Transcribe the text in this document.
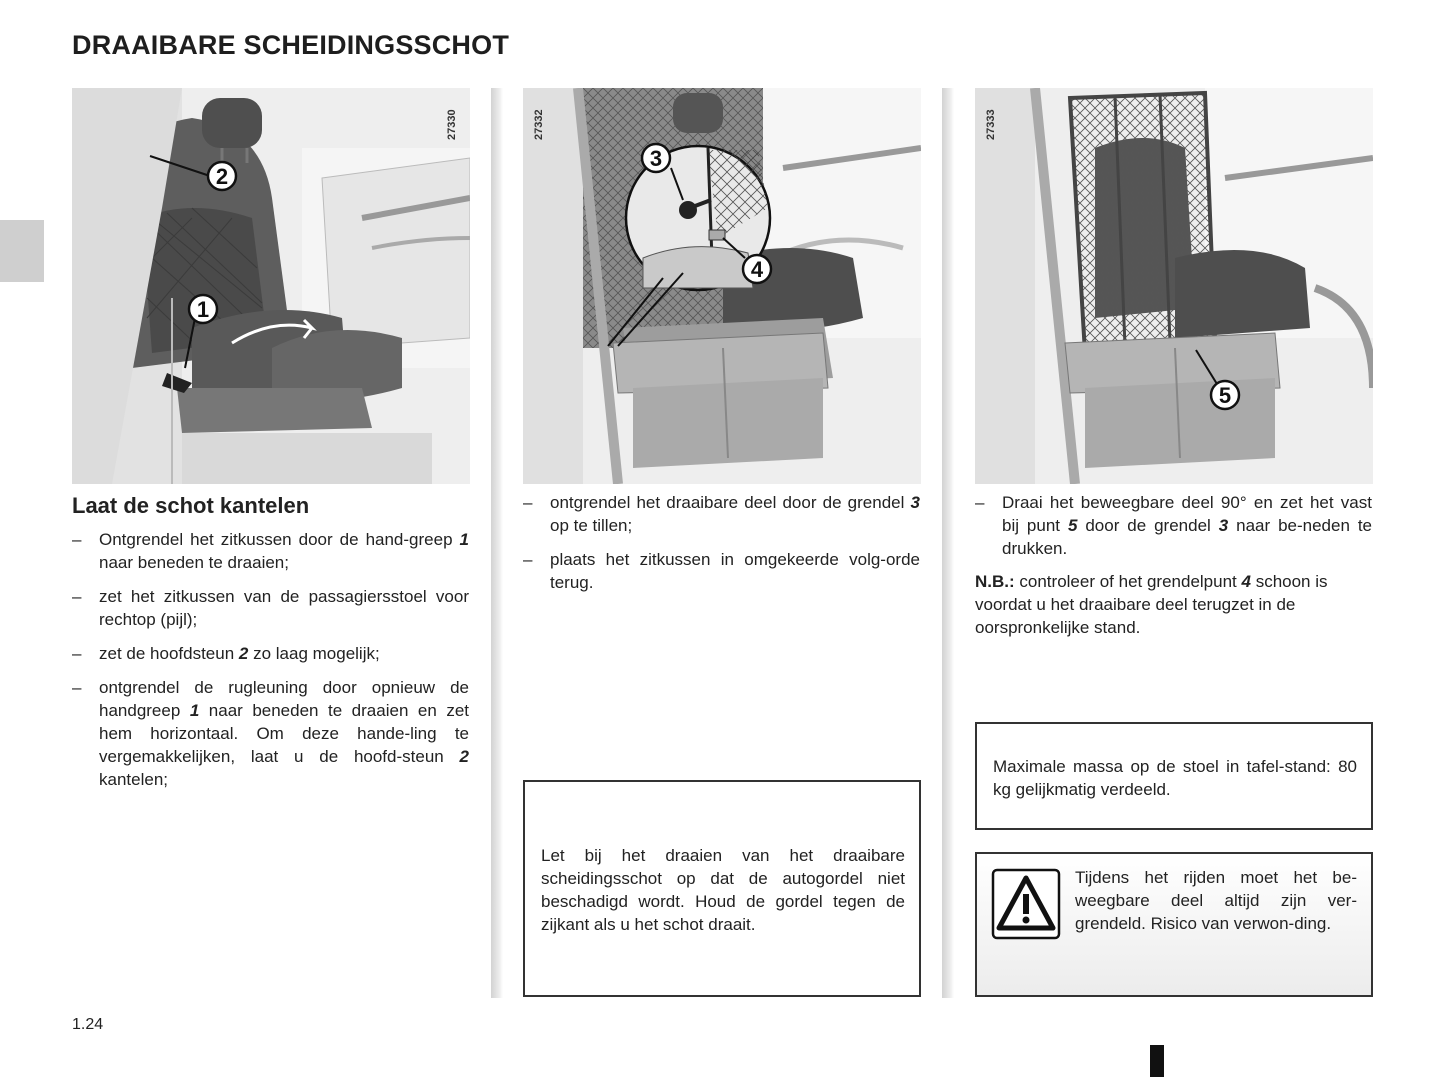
DRAAIBARE SCHEIDINGSSCHOT
2
1
27330
3
4
27332
5
27333
Laat de schot kantelen
– Ontgrendel het zitkussen door de hand-greep 1 naar beneden te draaien;
– zet het zitkussen van de passagiersstoel voor rechtop (pijl);
– zet de hoofdsteun 2 zo laag mogelijk;
– ontgrendel de rugleuning door opnieuw de handgreep 1 naar beneden te draaien en zet hem horizontaal. Om deze hande-ling te vergemakkelijken, laat u de hoofd-steun 2 kantelen;
– ontgrendel het draaibare deel door de grendel 3 op te tillen;
– plaats het zitkussen in omgekeerde volg-orde terug.
Let bij het draaien van het draaibare scheidingsschot op dat de autogordel niet beschadigd wordt. Houd de gordel tegen de zijkant als u het schot draait.
– Draai het beweegbare deel 90° en zet het vast bij punt 5 door de grendel 3 naar be-neden te drukken.
N.B.: controleer of het grendelpunt 4 schoon is voordat u het draaibare deel terugzet in de oorspronkelijke stand.
Maximale massa op de stoel in tafel-stand: 80 kg gelijkmatig verdeeld.
Tijdens het rijden moet het be-weegbare deel altijd zijn ver-grendeld. Risico van verwon-ding.
1.24
